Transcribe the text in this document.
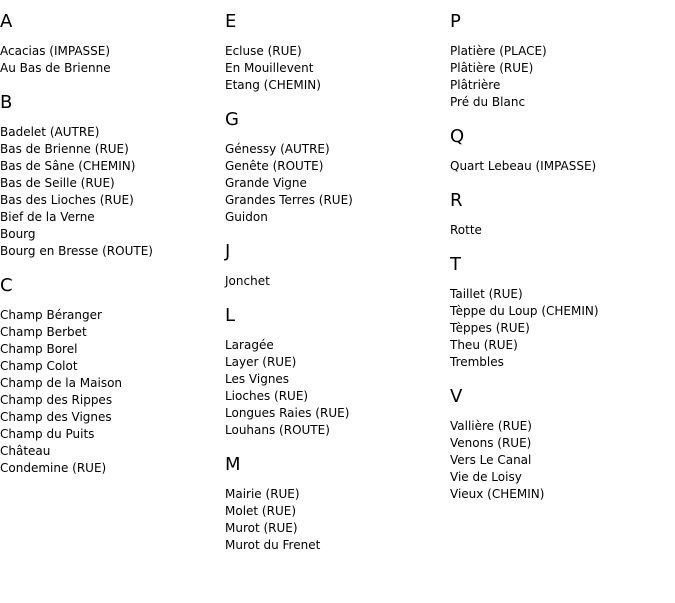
A
Acacias (IMPASSE)
Au Bas de Brienne
B
Badelet (AUTRE)
Bas de Brienne (RUE)
Bas de Sâne (CHEMIN)
Bas de Seille (RUE)
Bas des Lioches (RUE)
Bief de la Verne
Bourg
Bourg en Bresse (ROUTE)
C
Champ Béranger
Champ Berbet
Champ Borel
Champ Colot
Champ de la Maison
Champ des Rippes
Champ des Vignes
Champ du Puits
Château
Condemine (RUE)
E
Ecluse (RUE)
En Mouillevent
Etang (CHEMIN)
G
Génessy (AUTRE)
Genête (ROUTE)
Grande Vigne
Grandes Terres (RUE)
Guidon
J
Jonchet
L
Laragée
Layer (RUE)
Les Vignes
Lioches (RUE)
Longues Raies (RUE)
Louhans (ROUTE)
M
Mairie (RUE)
Molet (RUE)
Murot (RUE)
Murot du Frenet
P
Platière (PLACE)
Plâtière (RUE)
Plâtrière
Pré du Blanc
Q
Quart Lebeau (IMPASSE)
R
Rotte
T
Taillet (RUE)
Tèppe du Loup (CHEMIN)
Tèppes (RUE)
Theu (RUE)
Trembles
V
Vallière (RUE)
Venons (RUE)
Vers Le Canal
Vie de Loisy
Vieux (CHEMIN)
